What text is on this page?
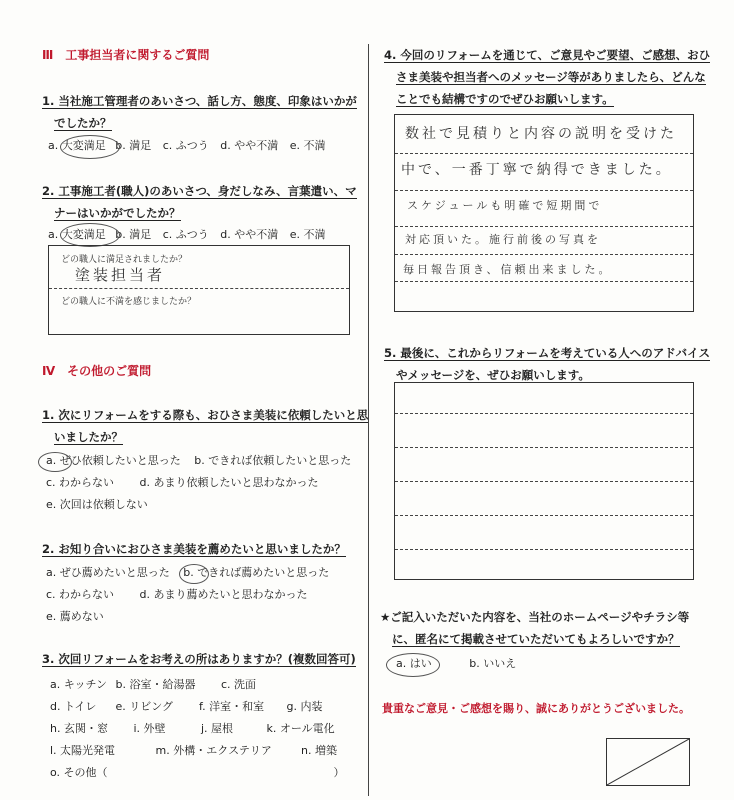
Ⅲ　工事担当者に関するご質問
1. 当社施工管理者のあいさつ、話し方、態度、印象はいかが
でしたか？
a. 大変満足 b. 満足 c. ふつう d. やや不満 e. 不満
2. 工事施工者(職人)のあいさつ、身だしなみ、言葉遣い、マ
ナーはいかがでしたか？
a. 大変満足 b. 満足 c. ふつう d. やや不満 e. 不満
どの職人に満足されましたか？
塗装担当者
どの職人に不満を感じましたか？
Ⅳ　その他のご質問
1. 次にリフォームをする際も、おひさま美装に依頼したいと思
いましたか？
a. ぜひ依頼したいと思った b. できれば依頼したいと思った
c. わからない d. あまり依頼したいと思わなかった
e. 次回は依頼しない
2. お知り合いにおひさま美装を薦めたいと思いましたか？
a. ぜひ薦めたいと思った b. できれば薦めたいと思った
c. わからない d. あまり薦めたいと思わなかった
e. 薦めない
3. 次回リフォームをお考えの所はありますか？(複数回答可)
a. キッチン b. 浴室・給湯器 c. 洗面
d. トイレ e. リビング f. 洋室・和室 g. 内装
h. 玄関・窓 i. 外壁	j. 屋根	k. オール電化
l. 太陽光発電	m. 外構・エクステリア	n. 増築
o. その他（	）
4. 今回のリフォームを通じて、ご意見やご要望、ご感想、おひ
さま美装や担当者へのメッセージ等がありましたら、どんな
ことでも結構ですのでぜひお願いします。
数社で見積りと内容の説明を受けた
中で、一番丁寧で納得できました。
スケジュールも明確で短期間で
対応頂いた。施行前後の写真を
毎日報告頂き、信頼出来ました。
5. 最後に、これからリフォームを考えている人へのアドバイス
やメッセージを、ぜひお願いします。
★ご記入いただいた内容を、当社のホームページやチラシ等
に、匿名にて掲載させていただいてもよろしいですか？
a. はい	b. いいえ
貴重なご意見・ご感想を賜り、誠にありがとうございました。
